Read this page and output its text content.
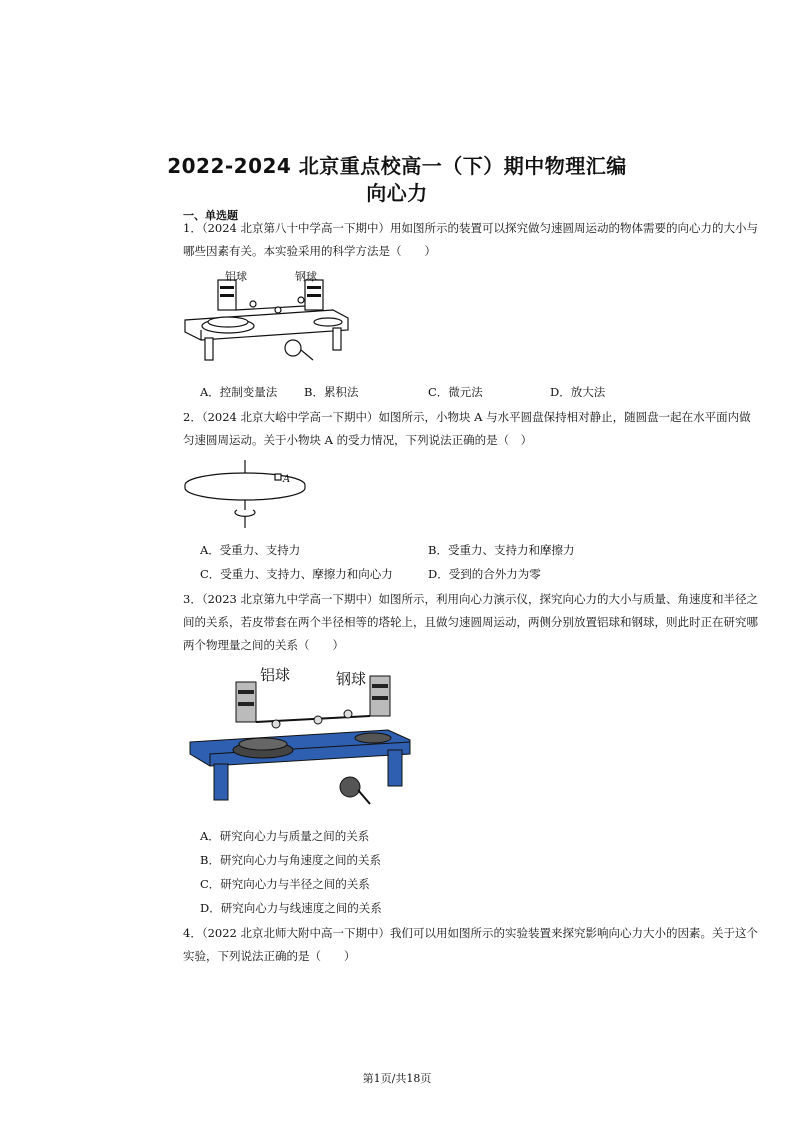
2022-2024 北京重点校高一（下）期中物理汇编
向心力
一、单选题
1．（2024 北京第八十中学高一下期中）用如图所示的装置可以探究做匀速圆周运动的物体需要的向心力的大小与哪些因素有关。本实验采用的科学方法是（　　）
铝球	钢球
A．控制变量法 B．累积法	C．微元法	D．放大法
2．（2024 北京大峪中学高一下期中）如图所示，小物块 A 与水平圆盘保持相对静止，随圆盘一起在水平面内做匀速圆周运动。关于小物块 A 的受力情况，下列说法正确的是（　）
A
A．受重力、支持力	B．受重力、支持力和摩擦力
C．受重力、支持力、摩擦力和向心力	D．受到的合外力为零
3．（2023 北京第九中学高一下期中）如图所示，利用向心力演示仪，探究向心力的大小与质量、角速度和半径之间的关系，若皮带套在两个半径相等的塔轮上，且做匀速圆周运动，两侧分别放置铝球和钢球，则此时正在研究哪两个物理量之间的关系（　　）
铝球	钢球
A．研究向心力与质量之间的关系
B．研究向心力与角速度之间的关系
C．研究向心力与半径之间的关系
D．研究向心力与线速度之间的关系
4．（2022 北京北师大附中高一下期中）我们可以用如图所示的实验装置来探究影响向心力大小的因素。关于这个实验，下列说法正确的是（　　）
第1页/共18页
